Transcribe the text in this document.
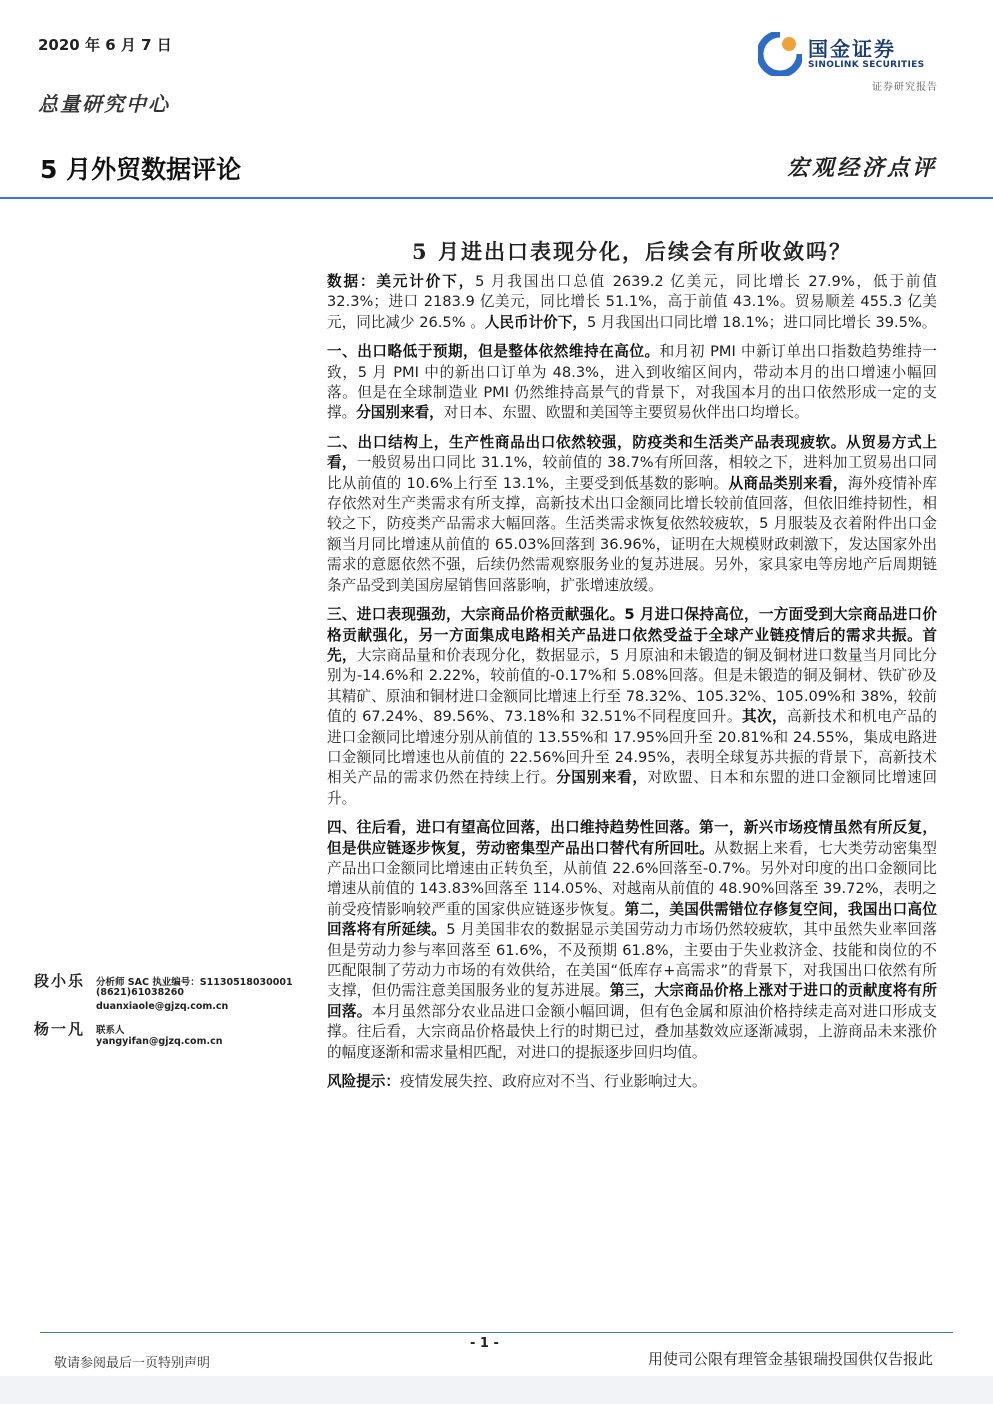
2020 年 6 月 7 日
总量研究中心
国金证券
SINOLINK SECURITIES
证券研究报告
5 月外贸数据评论	宏观经济点评
5 月进出口表现分化，后续会有所收敛吗？

数据：美元计价下，5 月我国出口总值 2639.2 亿美元，同比增长 27.9%，低于前值 32.3%；进口 2183.9 亿美元，同比增长 51.1%，高于前值 43.1%。贸易顺差 455.3 亿美元，同比减少 26.5% 。人民币计价下，5 月我国出口同比增 18.1%；进口同比增长 39.5%。

一、出口略低于预期，但是整体依然维持在高位。和月初 PMI 中新订单出口指数趋势维持一致，5 月 PMI 中的新出口订单为 48.3%，进入到收缩区间内，带动本月的出口增速小幅回落。但是在全球制造业 PMI 仍然维持高景气的背景下，对我国本月的出口依然形成一定的支撑。分国别来看，对日本、东盟、欧盟和美国等主要贸易伙伴出口均增长。

二、出口结构上，生产性商品出口依然较强，防疫类和生活类产品表现疲软。从贸易方式上看，一般贸易出口同比 31.1%，较前值的 38.7%有所回落，相较之下，进料加工贸易出口同比从前值的 10.6%上行至 13.1%，主要受到低基数的影响。从商品类别来看，海外疫情补库存依然对生产类需求有所支撑，高新技术出口金额同比增长较前值回落，但依旧维持韧性，相较之下，防疫类产品需求大幅回落。生活类需求恢复依然较疲软，5 月服装及衣着附件出口金额当月同比增速从前值的 65.03%回落到 36.96%，证明在大规模财政刺激下，发达国家外出需求的意愿依然不强，后续仍然需观察服务业的复苏进展。另外，家具家电等房地产后周期链条产品受到美国房屋销售回落影响，扩张增速放缓。

三、进口表现强劲，大宗商品价格贡献强化。5 月进口保持高位，一方面受到大宗商品进口价格贡献强化，另一方面集成电路相关产品进口依然受益于全球产业链疫情后的需求共振。首先，大宗商品量和价表现分化，数据显示，5 月原油和未锻造的铜及铜材进口数量当月同比分别为-14.6%和 2.22%，较前值的-0.17%和 5.08%回落。但是未锻造的铜及铜材、铁矿砂及其精矿、原油和铜材进口金额同比增速上行至 78.32%、105.32%、105.09%和 38%，较前值的 67.24%、89.56%、73.18%和 32.51%不同程度回升。其次，高新技术和机电产品的进口金额同比增速分别从前值的 13.55%和 17.95%回升至 20.81%和 24.55%，集成电路进口金额同比增速也从前值的 22.56%回升至 24.95%，表明全球复苏共振的背景下，高新技术相关产品的需求仍然在持续上行。分国别来看，对欧盟、日本和东盟的进口金额同比增速回升。

四、往后看，进口有望高位回落，出口维持趋势性回落。第一，新兴市场疫情虽然有所反复，但是供应链逐步恢复，劳动密集型产品出口替代有所回吐。从数据上来看，七大类劳动密集型产品出口金额同比增速由正转负至，从前值 22.6%回落至-0.7%。另外对印度的出口金额同比增速从前值的 143.83%回落至 114.05%、对越南从前值的 48.90%回落至 39.72%，表明之前受疫情影响较严重的国家供应链逐步恢复。第二，美国供需错位存修复空间，我国出口高位回落将有所延续。5 月美国非农的数据显示美国劳动力市场仍然较疲软，其中虽然失业率回落但是劳动力参与率回落至 61.6%，不及预期 61.8%，主要由于失业救济金、技能和岗位的不匹配限制了劳动力市场的有效供给，在美国“低库存+高需求”的背景下，对我国出口依然有所支撑，但仍需注意美国服务业的复苏进展。第三，大宗商品价格上涨对于进口的贡献度将有所回落。本月虽然部分农业品进口金额小幅回调，但有色金属和原油价格持续走高对进口形成支撑。往后看，大宗商品价格最快上行的时期已过，叠加基数效应逐渐减弱，上游商品未来涨价的幅度逐渐和需求量相匹配，对进口的提振逐步回归均值。

风险提示：疫情发展失控、政府应对不当、行业影响过大。

段小乐 分析师 SAC 执业编号：S1130518030001
(8621)61038260
duanxiaole@gjzq.com.cn
杨一凡 联系人
yangyifan@gjzq.com.cn
- 1 -
敬请参阅最后一页特别声明	用使司公限有理管金基银瑞投国供仅告报此
